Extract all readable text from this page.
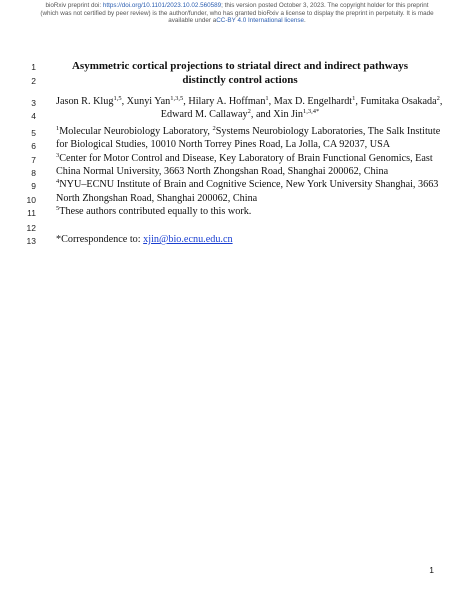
bioRxiv preprint doi: https://doi.org/10.1101/2023.10.02.560589; this version posted October 3, 2023. The copyright holder for this preprint
(which was not certified by peer review) is the author/funder, who has granted bioRxiv a license to display the preprint in perpetuity. It is made
available under aCC-BY 4.0 International license.
1
2
3
4
5
6
7
8
9
10
11
12
13
Asymmetric cortical projections to striatal direct and indirect pathways
distinctly control actions
Jason R. Klug$^{1,5}$, Xunyi Yan$^{1,3,5}$, Hilary A. Hoffman$^1$, Max D. Engelhardt$^1$, Fumitaka Osakada$^2$,
Edward M. Callaway$^2$, and Xin Jin$^{1,3,4*}$
$^1$Molecular Neurobiology Laboratory, $^2$Systems Neurobiology Laboratories, The Salk Institute
for Biological Studies, 10010 North Torrey Pines Road, La Jolla, CA 92037, USA
$^3$Center for Motor Control and Disease, Key Laboratory of Brain Functional Genomics, East
China Normal University, 3663 North Zhongshan Road, Shanghai 200062, China
$^4$NYU–ECNU Institute of Brain and Cognitive Science, New York University Shanghai, 3663
North Zhongshan Road, Shanghai 200062, China
$^5$These authors contributed equally to this work.
*Correspondence to: xjin@bio.ecnu.edu.cn
1
